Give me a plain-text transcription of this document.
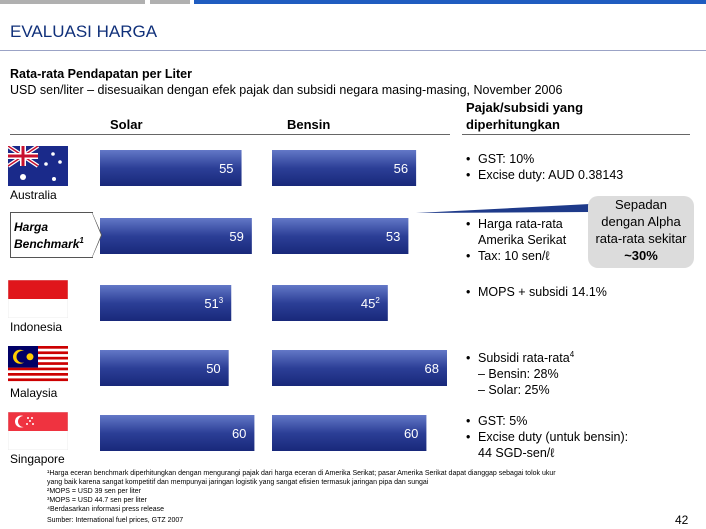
EVALUASI HARGA
Rata-rata Pendapatan per Liter
USD sen/liter – disesuaikan dengan efek pajak dan subsidi negara masing-masing, November 2006
Solar	Bensin
Pajak/subsidi yang
diperhitungkan
55
59
$51^3$
50
60
56
53
$45^2$
68
60
Australia
Harga
Benchmark$^1$
Indonesia
Malaysia
Singapore
• GST: 10%
• Excise duty: AUD 0.38143
• Harga rata-rata
Amerika Serikat
• Tax: 10 sen/ℓ
• MOPS + subsidi 14.1%
• Subsidi rata-rata$^4$
– Bensin: 28%
– Solar: 25%
• GST: 5%
• Excise duty (untuk bensin):
44 SGD-sen/ℓ
Sepadan
dengan Alpha
rata-rata sekitar
~30%
¹Harga eceran benchmark diperhitungkan dengan mengurangi pajak dari harga eceran di Amerika Serikat; pasar Amerika Serikat dapat dianggap sebagai tolok ukur
yang baik karena sangat kompetitif dan mempunyai jaringan logistik yang sangat efisien termasuk jaringan pipa dan sungai
²MOPS = USD 39 sen per liter
³MOPS = USD 44.7 sen per liter
⁴Berdasarkan informasi press release
Sumber: International fuel prices, GTZ 2007	42
